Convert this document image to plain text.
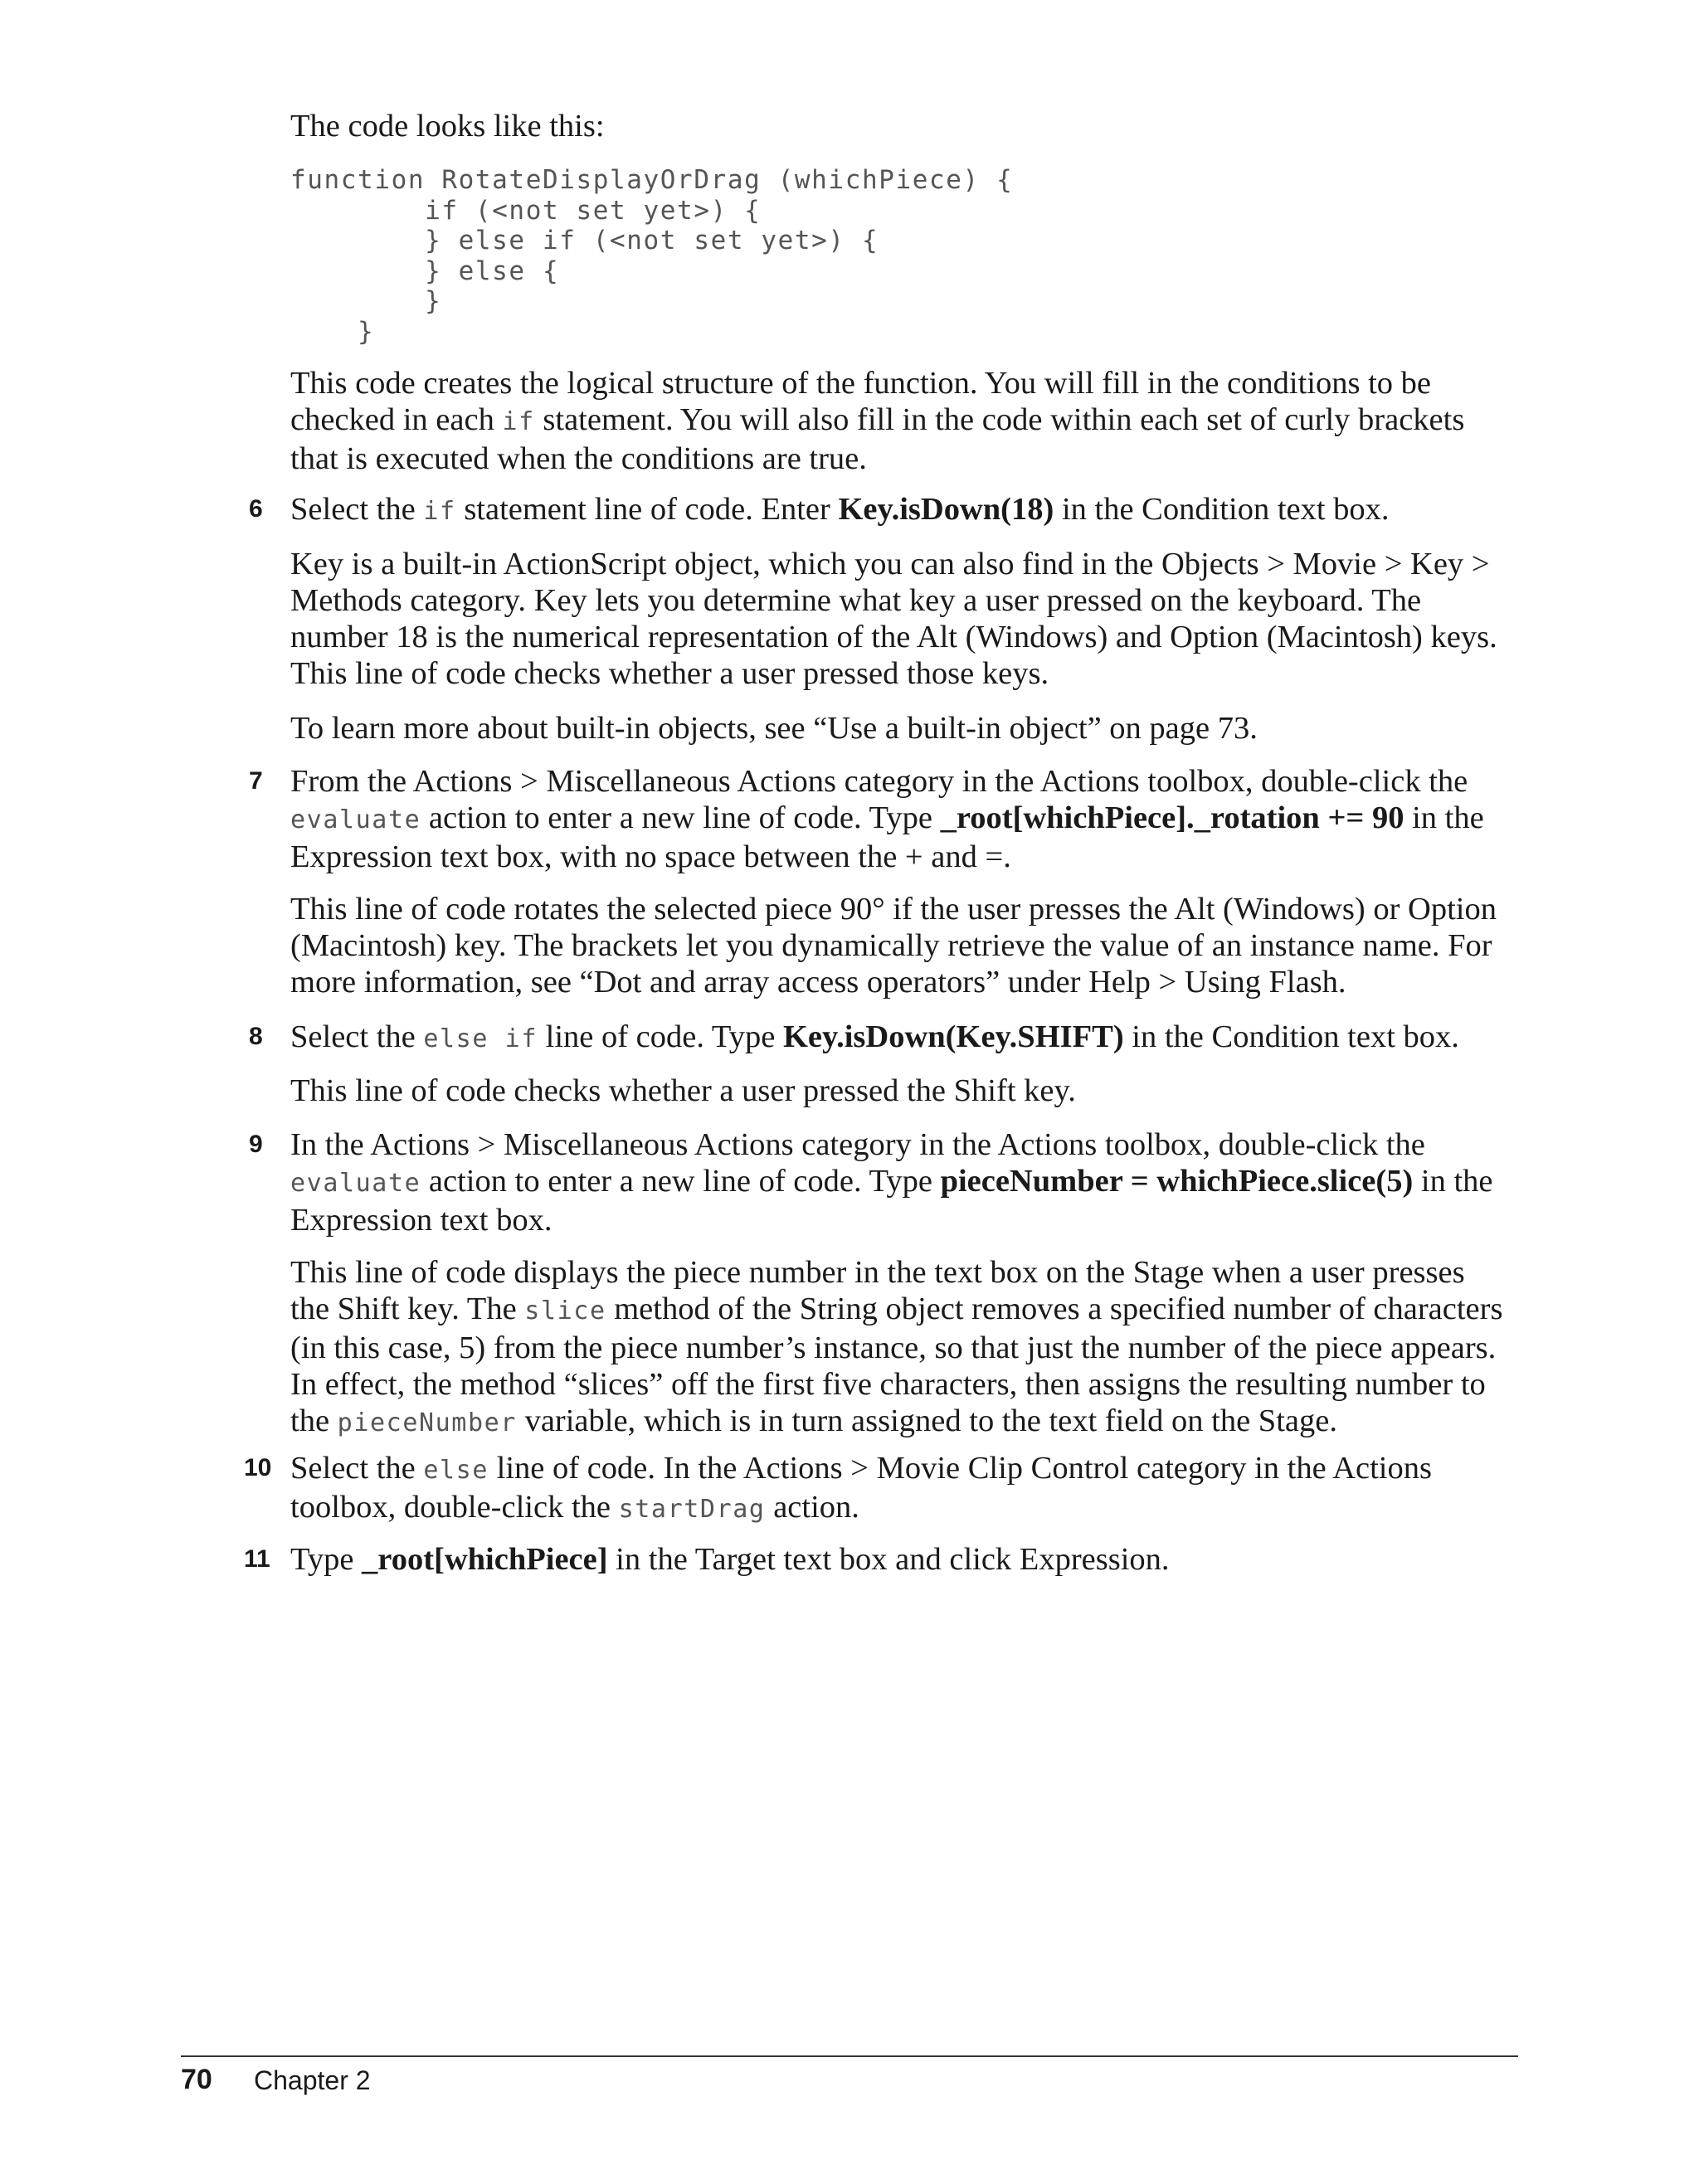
The code looks like this:

function RotateDisplayOrDrag (whichPiece) {
if (<not set yet>) {
} else if (<not set yet>) {
} else {
}
}

This code creates the logical structure of the function. You will fill in the conditions to be checked in each if statement. You will also fill in the code within each set of curly brackets that is executed when the conditions are true.

6 Select the if statement line of code. Enter Key.isDown(18) in the Condition text box.

Key is a built-in ActionScript object, which you can also find in the Objects > Movie > Key > Methods category. Key lets you determine what key a user pressed on the keyboard. The number 18 is the numerical representation of the Alt (Windows) and Option (Macintosh) keys. This line of code checks whether a user pressed those keys.

To learn more about built-in objects, see “Use a built-in object” on page 73.

7 From the Actions > Miscellaneous Actions category in the Actions toolbox, double-click the evaluate action to enter a new line of code. Type _root[whichPiece]._rotation += 90 in the Expression text box, with no space between the + and =.

This line of code rotates the selected piece 90° if the user presses the Alt (Windows) or Option (Macintosh) key. The brackets let you dynamically retrieve the value of an instance name. For more information, see “Dot and array access operators” under Help > Using Flash.

8 Select the else if line of code. Type Key.isDown(Key.SHIFT) in the Condition text box.

This line of code checks whether a user pressed the Shift key.

9 In the Actions > Miscellaneous Actions category in the Actions toolbox, double-click the evaluate action to enter a new line of code. Type pieceNumber = whichPiece.slice(5) in the Expression text box.

This line of code displays the piece number in the text box on the Stage when a user presses the Shift key. The slice method of the String object removes a specified number of characters (in this case, 5) from the piece number’s instance, so that just the number of the piece appears. In effect, the method “slices” off the first five characters, then assigns the resulting number to the pieceNumber variable, which is in turn assigned to the text field on the Stage.

10 Select the else line of code. In the Actions > Movie Clip Control category in the Actions toolbox, double-click the startDrag action.

11 Type _root[whichPiece] in the Target text box and click Expression.

70 Chapter 2
